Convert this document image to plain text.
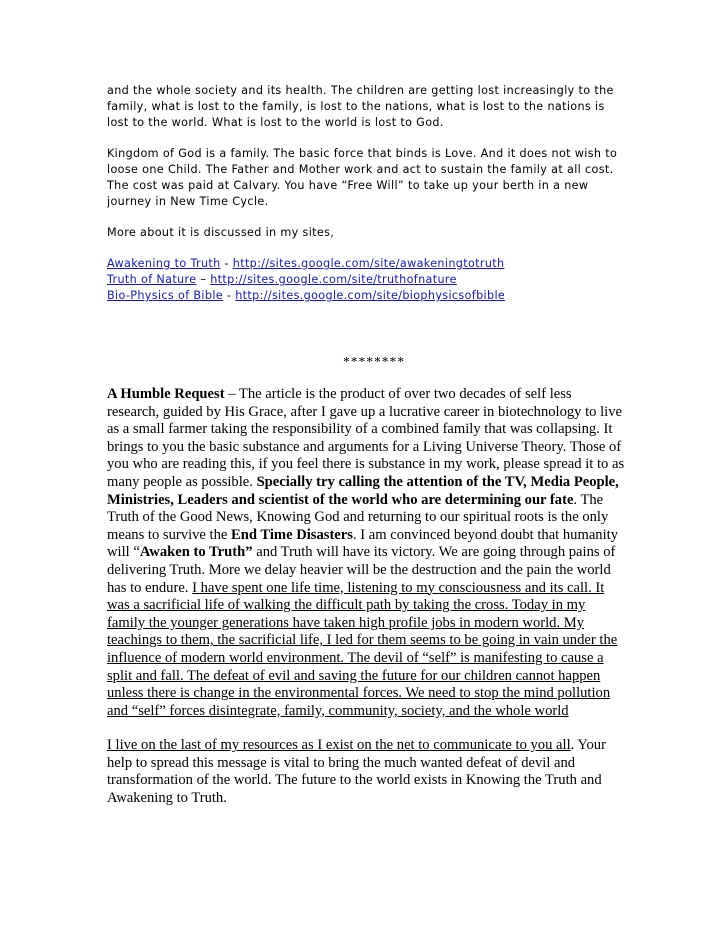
and the whole society and its health. The children are getting lost increasingly to the family, what is lost to the family, is lost to the nations, what is lost to the nations is lost to the world. What is lost to the world is lost to God.

Kingdom of God is a family. The basic force that binds is Love. And it does not wish to loose one Child. The Father and Mother work and act to sustain the family at all cost. The cost was paid at Calvary. You have “Free Will” to take up your berth in a new journey in New Time Cycle.

More about it is discussed in my sites,

Awakening to Truth - http://sites.google.com/site/awakeningtotruth
Truth of Nature – http://sites.google.com/site/truthofnature
Bio-Physics of Bible - http://sites.google.com/site/biophysicsofbible
********

A Humble Request – The article is the product of over two decades of self less research, guided by His Grace, after I gave up a lucrative career in biotechnology to live as a small farmer taking the responsibility of a combined family that was collapsing. It brings to you the basic substance and arguments for a Living Universe Theory. Those of you who are reading this, if you feel there is substance in my work, please spread it to as many people as possible. Specially try calling the attention of the TV, Media People, Ministries, Leaders and scientist of the world who are determining our fate. The Truth of the Good News, Knowing God and returning to our spiritual roots is the only means to survive the End Time Disasters. I am convinced beyond doubt that humanity will “Awaken to Truth” and Truth will have its victory. We are going through pains of delivering Truth. More we delay heavier will be the destruction and the pain the world has to endure. I have spent one life time, listening to my consciousness and its call. It was a sacrificial life of walking the difficult path by taking the cross. Today in my family the younger generations have taken high profile jobs in modern world. My teachings to them, the sacrificial life, I led for them seems to be going in vain under the influence of modern world environment. The devil of “self” is manifesting to cause a split and fall. The defeat of evil and saving the future for our children cannot happen unless there is change in the environmental forces. We need to stop the mind pollution and “self” forces disintegrate, family, community, society, and the whole world

I live on the last of my resources as I exist on the net to communicate to you all. Your help to spread this message is vital to bring the much wanted defeat of devil and transformation of the world. The future to the world exists in Knowing the Truth and Awakening to Truth.
